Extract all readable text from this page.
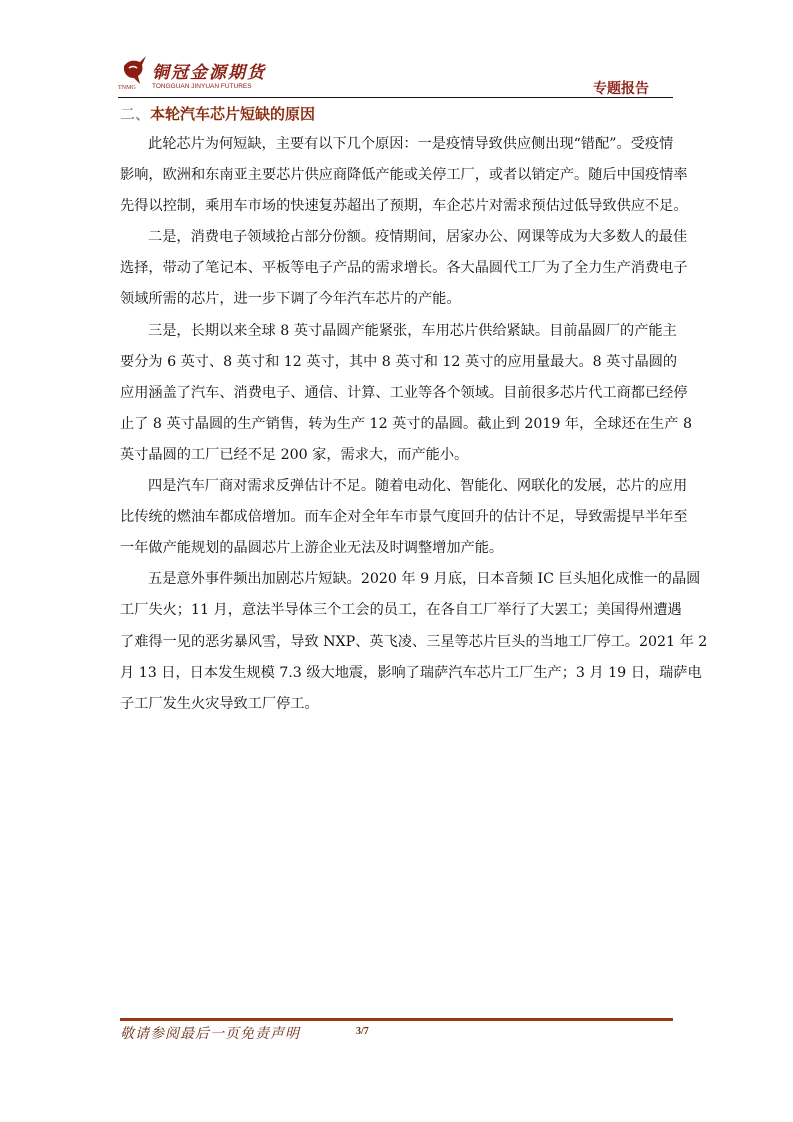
TNMG
铜冠金源期货
TONGGUAN JINYUAN FUTURES	专题报告
二、本轮汽车芯片短缺的原因
此轮芯片为何短缺，主要有以下几个原因：一是疫情导致供应侧出现“错配”。受疫情
影响，欧洲和东南亚主要芯片供应商降低产能或关停工厂，或者以销定产。随后中国疫情率
先得以控制，乘用车市场的快速复苏超出了预期，车企芯片对需求预估过低导致供应不足。
二是，消费电子领域抢占部分份额。疫情期间，居家办公、网课等成为大多数人的最佳
选择，带动了笔记本、平板等电子产品的需求增长。各大晶圆代工厂为了全力生产消费电子
领域所需的芯片，进一步下调了今年汽车芯片的产能。
三是，长期以来全球 8 英寸晶圆产能紧张，车用芯片供给紧缺。目前晶圆厂的产能主
要分为 6 英寸、8 英寸和 12 英寸，其中 8 英寸和 12 英寸的应用量最大。8 英寸晶圆的
应用涵盖了汽车、消费电子、通信、计算、工业等各个领域。目前很多芯片代工商都已经停
止了 8 英寸晶圆的生产销售，转为生产 12 英寸的晶圆。截止到 2019 年，全球还在生产 8
英寸晶圆的工厂已经不足 200 家，需求大，而产能小。
四是汽车厂商对需求反弹估计不足。随着电动化、智能化、网联化的发展，芯片的应用
比传统的燃油车都成倍增加。而车企对全年车市景气度回升的估计不足，导致需提早半年至
一年做产能规划的晶圆芯片上游企业无法及时调整增加产能。
五是意外事件频出加剧芯片短缺。2020 年 9 月底，日本音频 IC 巨头旭化成惟一的晶圆
工厂失火；11 月，意法半导体三个工会的员工，在各自工厂举行了大罢工；美国得州遭遇
了难得一见的恶劣暴风雪，导致 NXP、英飞凌、三星等芯片巨头的当地工厂停工。2021 年 2
月 13 日，日本发生规模 7.3 级大地震，影响了瑞萨汽车芯片工厂生产；3 月 19 日，瑞萨电
子工厂发生火灾导致工厂停工。
敬请参阅最后一页免责声明	3/7
